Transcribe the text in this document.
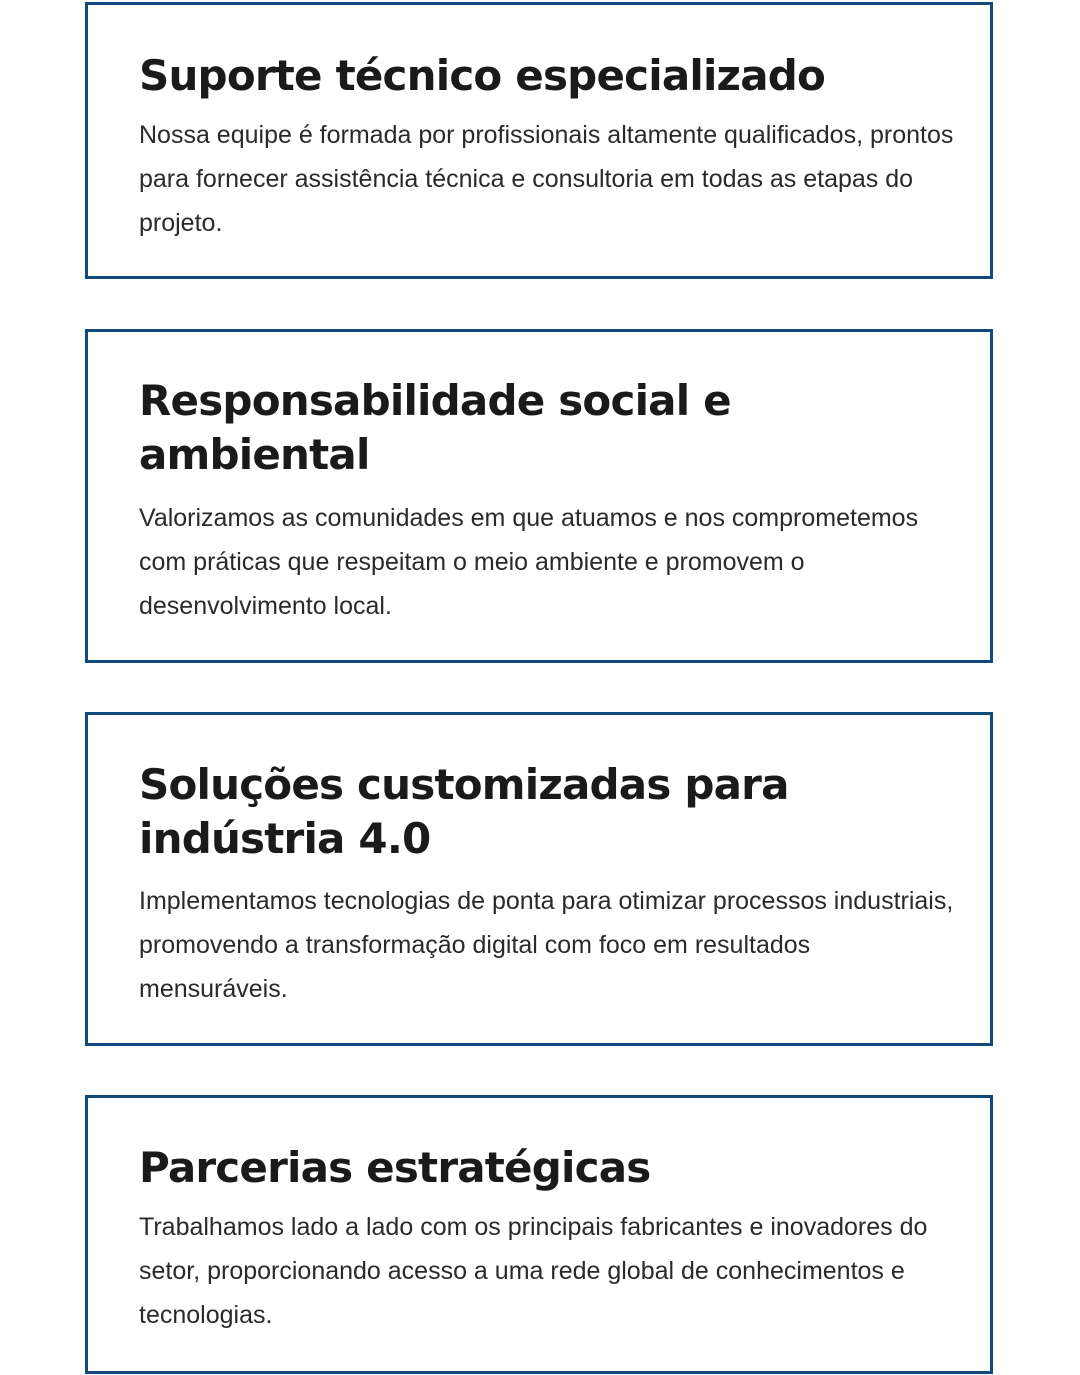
Suporte técnico especializado

Nossa equipe é formada por profissionais altamente qualificados, prontos para fornecer assistência técnica e consultoria em todas as etapas do projeto.

Responsabilidade social e ambiental

Valorizamos as comunidades em que atuamos e nos comprometemos com práticas que respeitam o meio ambiente e promovem o desenvolvimento local.

Soluções customizadas para indústria 4.0

Implementamos tecnologias de ponta para otimizar processos industriais, promovendo a transformação digital com foco em resultados mensuráveis.

Parcerias estratégicas

Trabalhamos lado a lado com os principais fabricantes e inovadores do setor, proporcionando acesso a uma rede global de conhecimentos e tecnologias.
